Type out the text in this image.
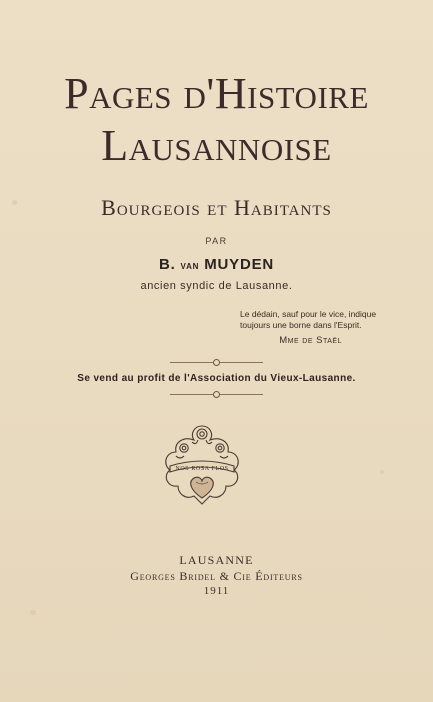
Pages d'Histoire
Lausannoise
Bourgeois et Habitants
PAR
B. van MUYDEN
ancien syndic de Lausanne.
Le dédain, sauf pour le vice, indique
toujours une borne dans l'Esprit.
Mme de Staël
Se vend au profit de l'Association du Vieux-Lausanne.
NOS ROSA FLOS
LAUSANNE
Georges Bridel & Cie Éditeurs
1911
